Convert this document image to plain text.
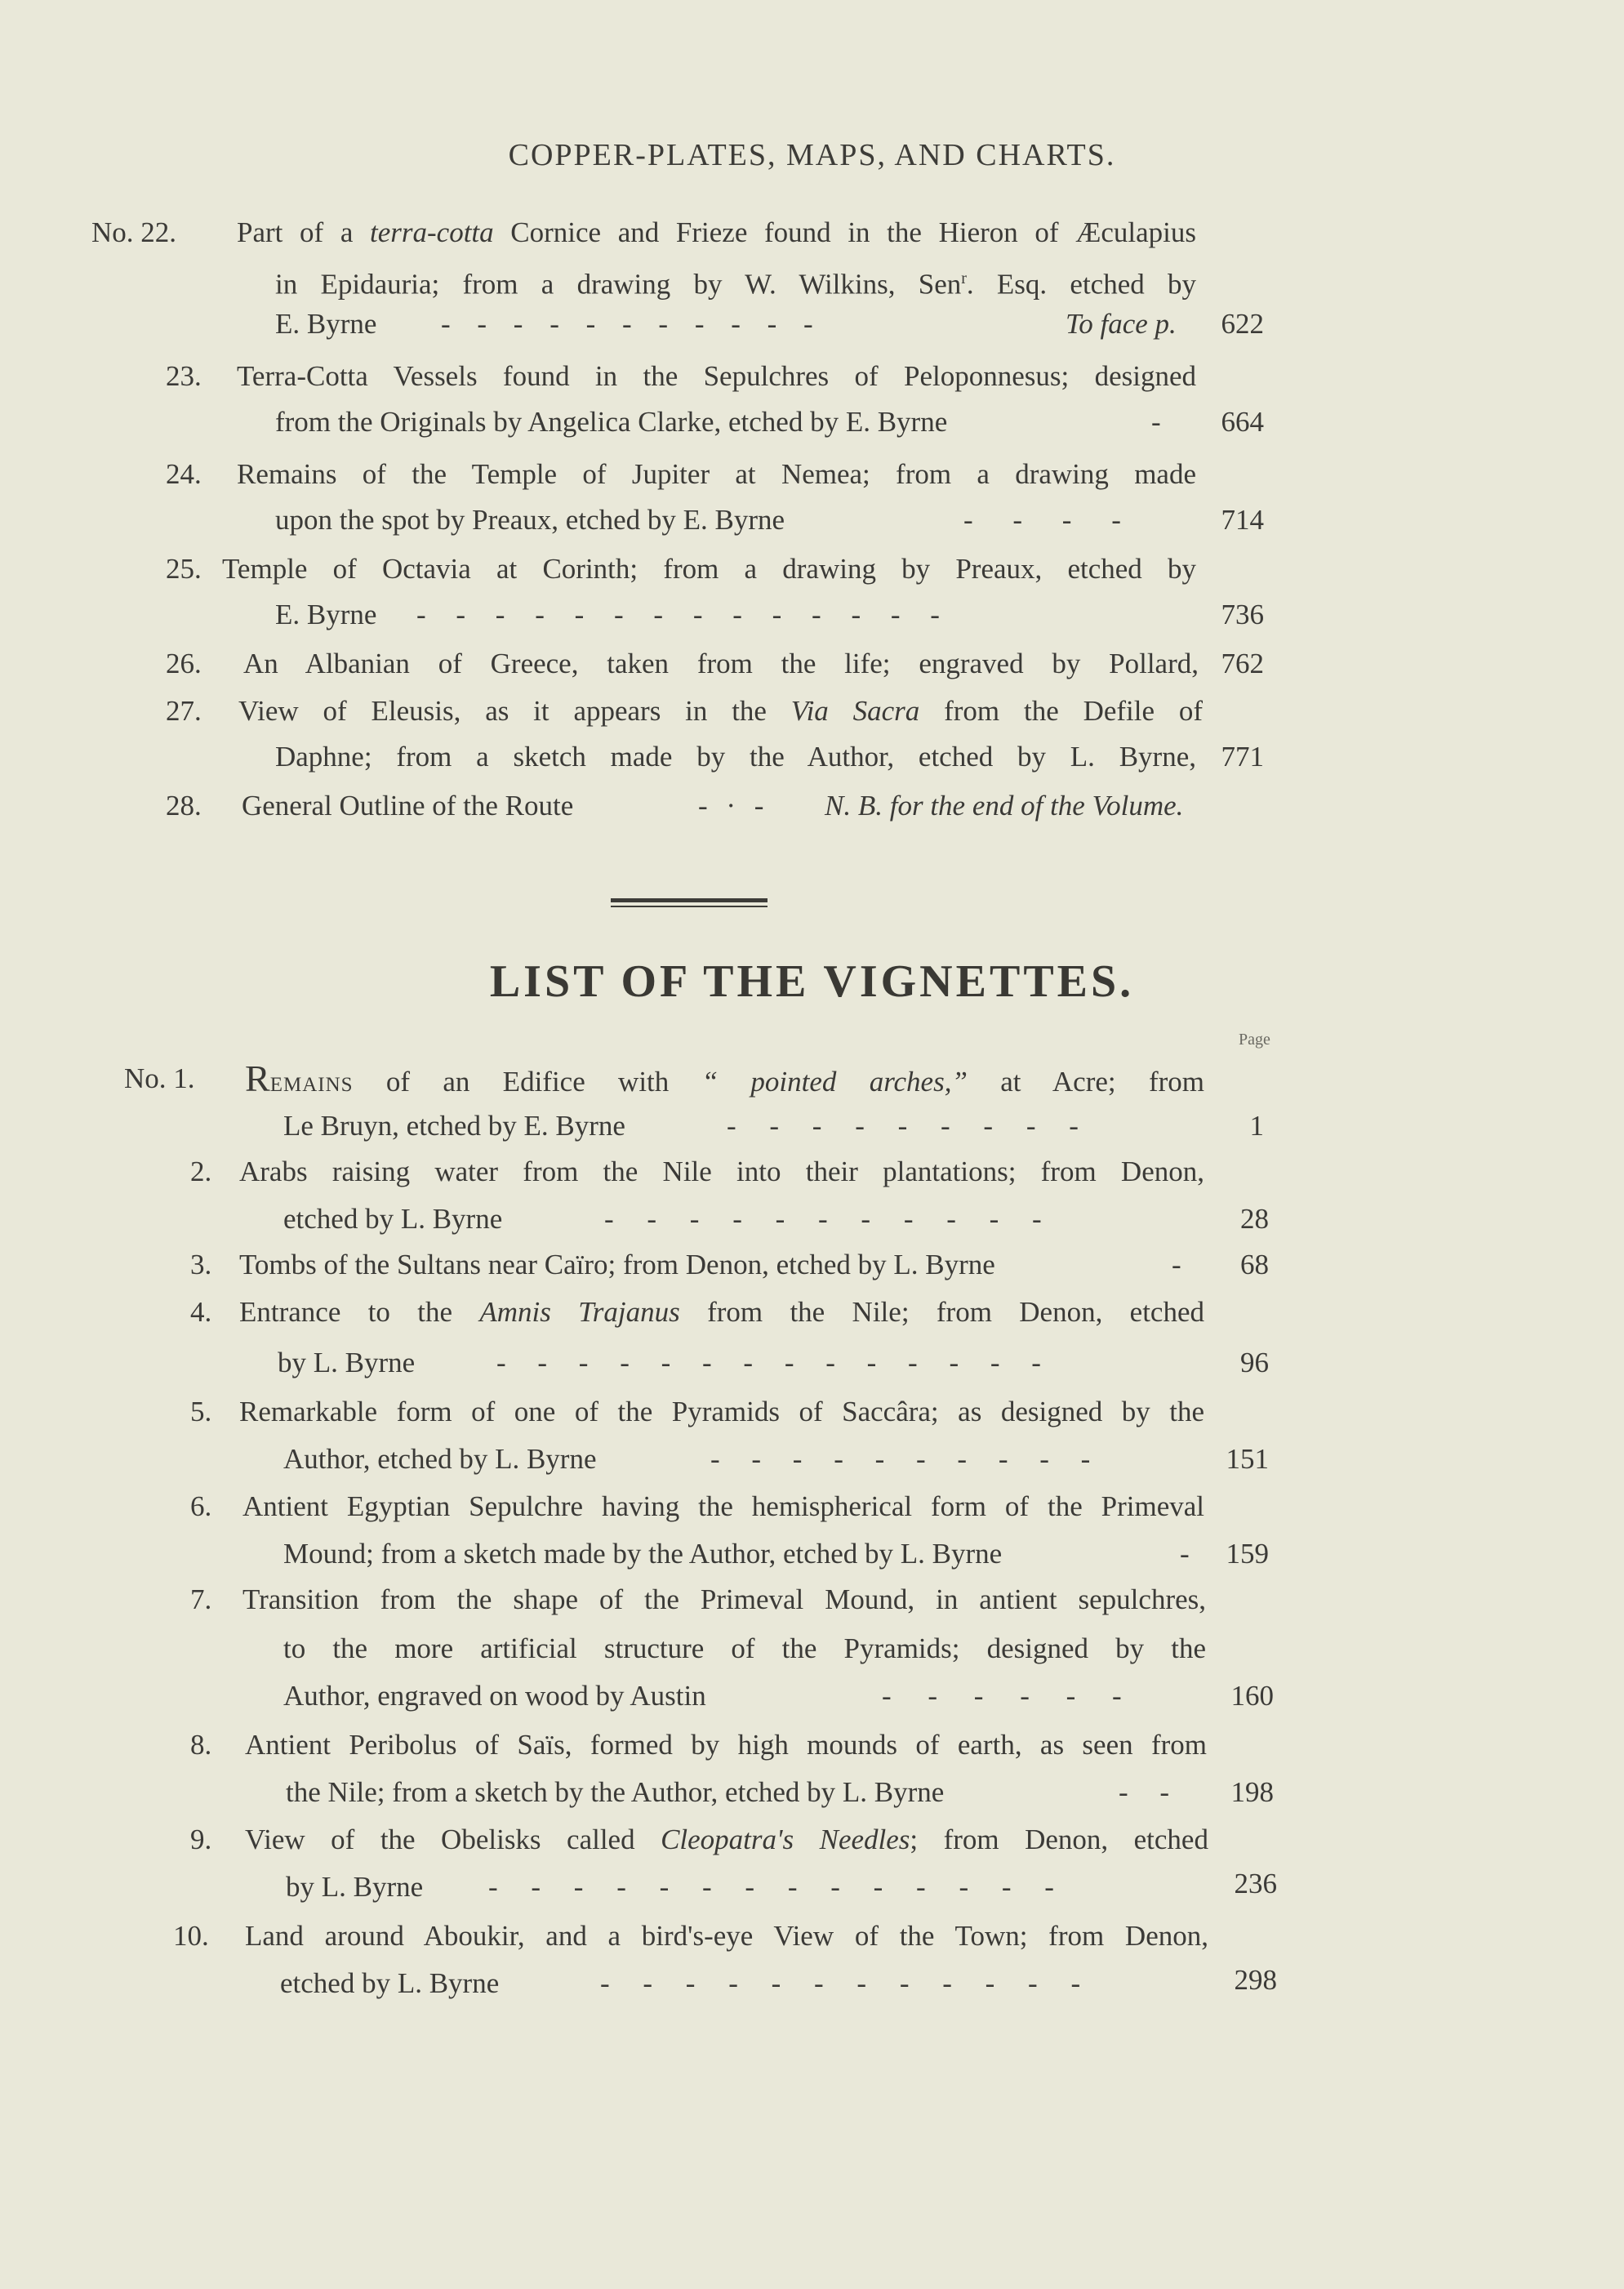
COPPER-PLATES, MAPS, AND CHARTS.
No. 22. Part of a terra-cotta Cornice and Frieze found in the Hieron of Æculapius
in Epidauria; from a drawing by W. Wilkins, Sen$^r$. Esq. etched by
E. Byrne - - - - - - - - - - -	To face p.	622
23. Terra-Cotta Vessels found in the Sepulchres of Peloponnesus; designed
from the Originals by Angelica Clarke, etched by E. Byrne	-	664
24. Remains of the Temple of Jupiter at Nemea; from a drawing made
upon the spot by Preaux, etched by E. Byrne	- - - -	714
25. Temple of Octavia at Corinth; from a drawing by Preaux, etched by
E. Byrne - - - - - - - - - - - - - -	736
26. An Albanian of Greece, taken from the life; engraved by Pollard, 762
27. View of Eleusis, as it appears in the Via Sacra from the Defile of
Daphne; from a sketch made by the Author, etched by L. Byrne, 771
28. General Outline of the Route	- · - N. B. for the end of the Volume.
LIST OF THE VIGNETTES.
Page
No. 1. Remains of an Edifice with “ pointed arches,” at Acre; from
Le Bruyn, etched by E. Byrne	- - - - - - - - -	1
2. Arabs raising water from the Nile into their plantations; from Denon,
etched by L. Byrne	- - - - - - - - - - -	28
3. Tombs of the Sultans near Caïro; from Denon, etched by L. Byrne	-	68
4. Entrance to the Amnis Trajanus from the Nile; from Denon, etched
by L. Byrne	- - - - - - - - - - - - - -	96
5. Remarkable form of one of the Pyramids of Saccâra; as designed by the
Author, etched by L. Byrne	- - - - - - - - - -	151
6. Antient Egyptian Sepulchre having the hemispherical form of the Primeval
Mound; from a sketch made by the Author, etched by L. Byrne	-	159
7. Transition from the shape of the Primeval Mound, in antient sepulchres,
to the more artificial structure of the Pyramids; designed by the
Author, engraved on wood by Austin	- - - - - -	160
8. Antient Peribolus of Saïs, formed by high mounds of earth, as seen from
the Nile; from a sketch by the Author, etched by L. Byrne	- -	198
9. View of the Obelisks called Cleopatra's Needles; from Denon, etched
by L. Byrne - - - - - - - - - - - - - -	236
10. Land around Aboukir, and a bird's-eye View of the Town; from Denon,
etched by L. Byrne	- - - - - - - - - - - -	298
